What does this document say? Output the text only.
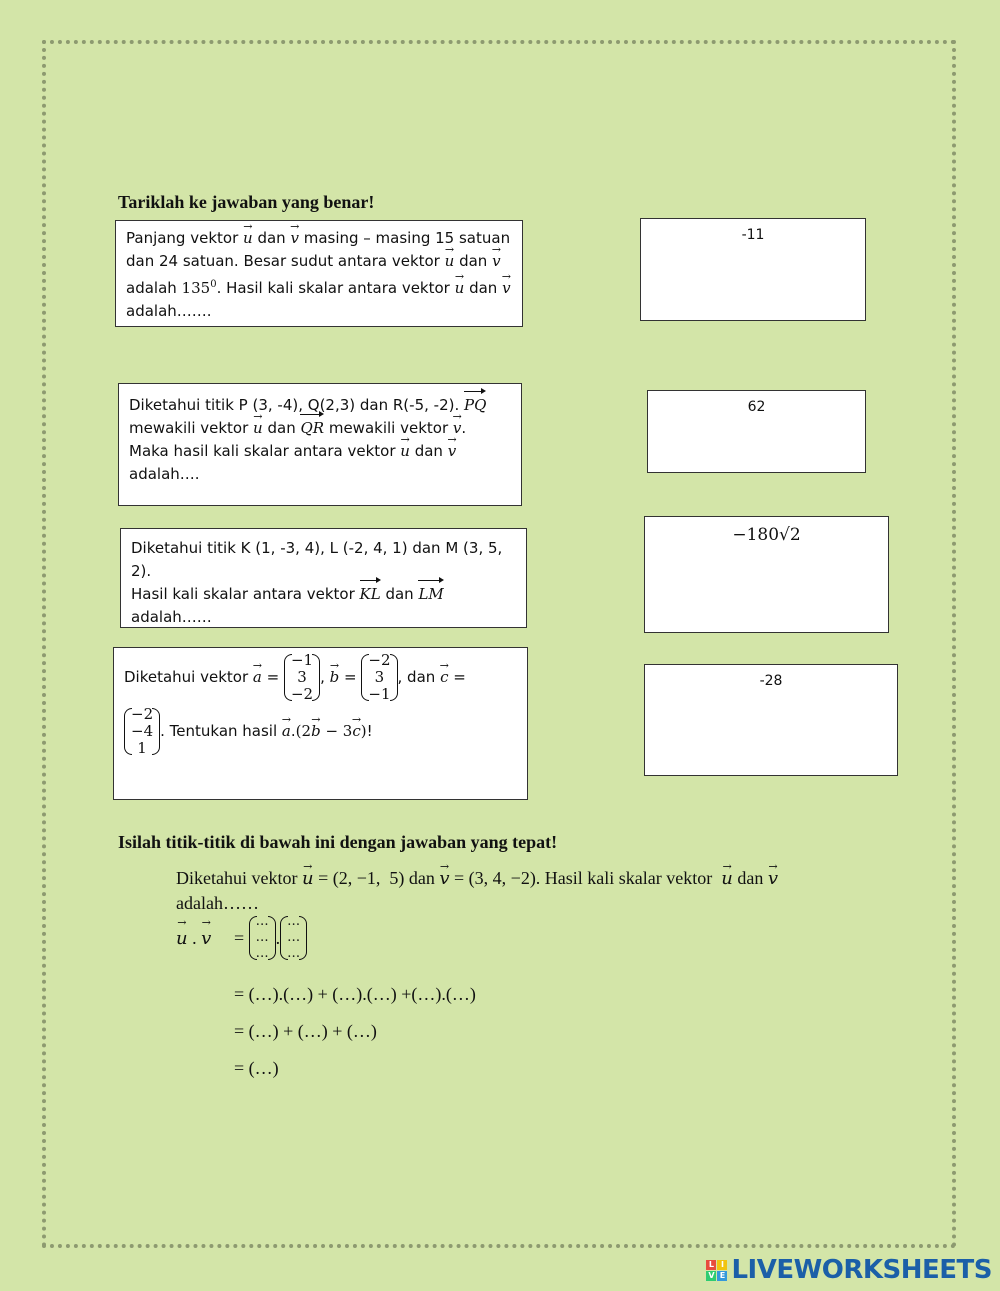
Tariklah ke jawaban yang benar!
Panjang vektor → u dan → v masing – masing 15 satuan
dan 24 satuan. Besar sudut antara vektor → u dan → v
adalah $135^0$. Hasil kali skalar antara vektor → u dan → v
adalah…….
Diketahui titik P (3, -4), Q(2,3) dan R(-5, -2). PQ
mewakili vektor → u dan QR mewakili vektor → v.
Maka hasil kali skalar antara vektor → u dan → v
adalah….
Diketahui titik K (1, -3, 4), L (-2, 4, 1) dan M (3, 5, 2).
Hasil kali skalar antara vektor KL dan LM
adalah……
Diketahui vektor
→ a =
−1
3
−2
, → b =
−2
3
−1
, dan
→ c =
−2
−4
1
. Tentukan hasil
→ a . (2 → b − 3 → c ) !
-11
62
−180√2
-28
Isilah titik-titik di bawah ini dengan jawaban yang tepat!
Diketahui vektor → u = (2, −1,  5) dan → v = (3, 4, −2). Hasil kali skalar vektor  → u dan → v
adalah……
→ u . → v	=
…
…
…
.
…
…
…
= (…).(…) + (…).(…) +(…).(…)
= (…) + (…) + (…)
= (…)
L I
V E LIVEWORKSHEETS
